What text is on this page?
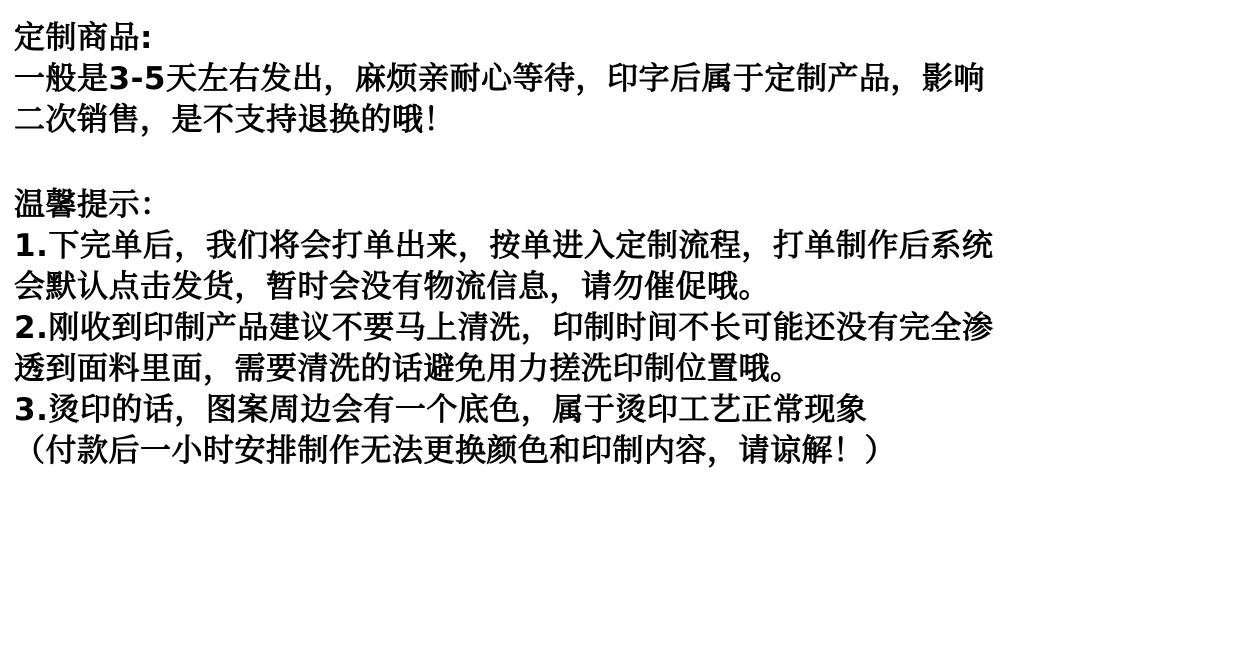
定制商品:
一般是3-5天左右发出，麻烦亲耐心等待，印字后属于定制产品，影响
二次销售，是不支持退换的哦！
温馨提示：
1.下完单后，我们将会打单出来，按单进入定制流程，打单制作后系统
会默认点击发货，暂时会没有物流信息，请勿催促哦。
2.刚收到印制产品建议不要马上清洗，印制时间不长可能还没有完全渗
透到面料里面，需要清洗的话避免用力搓洗印制位置哦。
3.烫印的话，图案周边会有一个底色，属于烫印工艺正常现象
（付款后一小时安排制作无法更换颜色和印制内容，请谅解！）
